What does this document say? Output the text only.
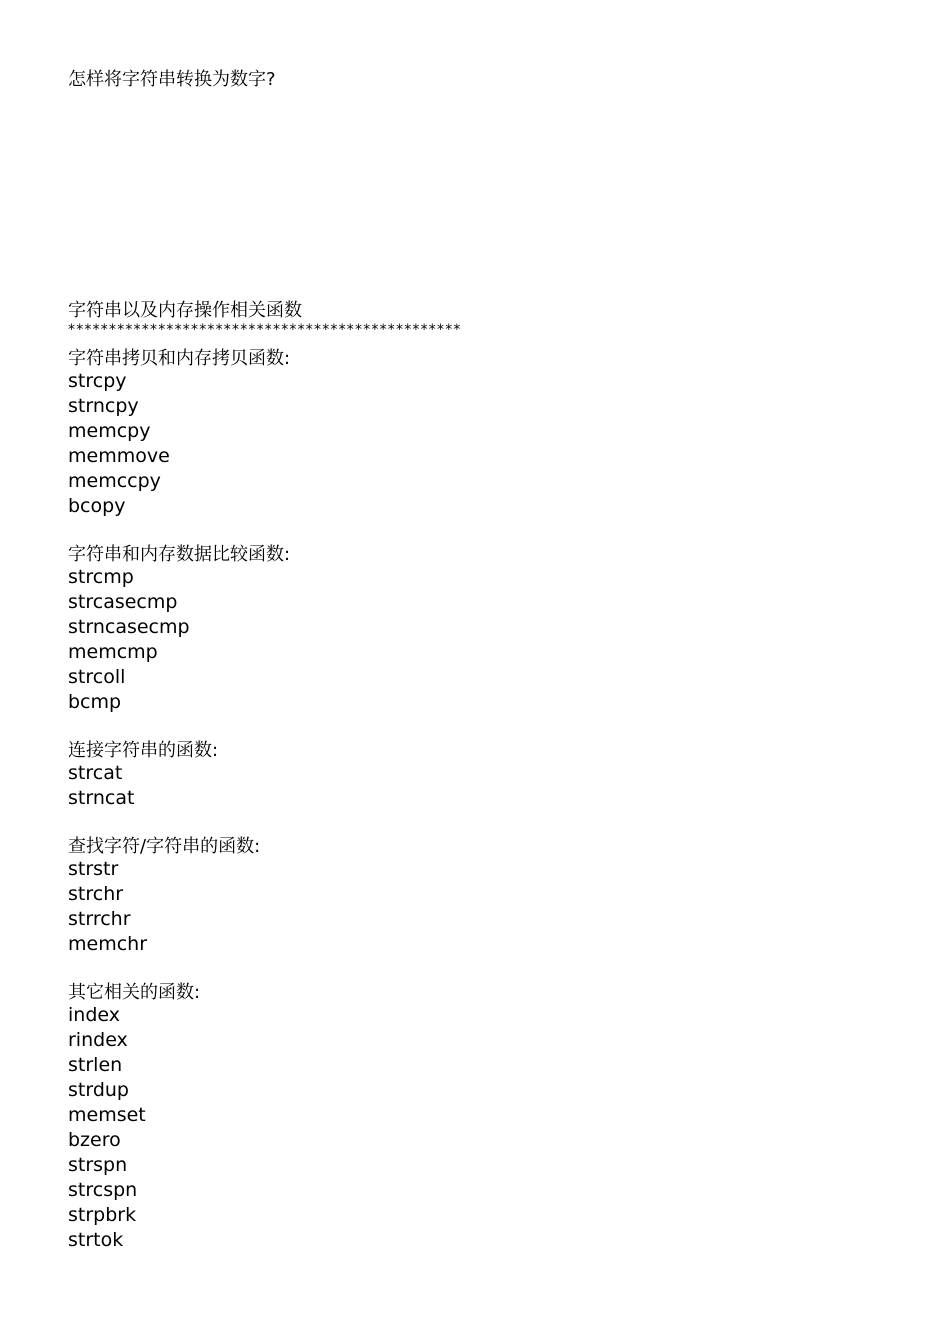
怎样将字符串转换为数字?
字符串以及内存操作相关函数
************************************************
字符串拷贝和内存拷贝函数:
strcpy
strncpy
memcpy
memmove
memccpy
bcopy
字符串和内存数据比较函数:
strcmp
strcasecmp
strncasecmp
memcmp
strcoll
bcmp
连接字符串的函数:
strcat
strncat
查找字符/字符串的函数:
strstr
strchr
strrchr
memchr
其它相关的函数:
index
rindex
strlen
strdup
memset
bzero
strspn
strcspn
strpbrk
strtok
